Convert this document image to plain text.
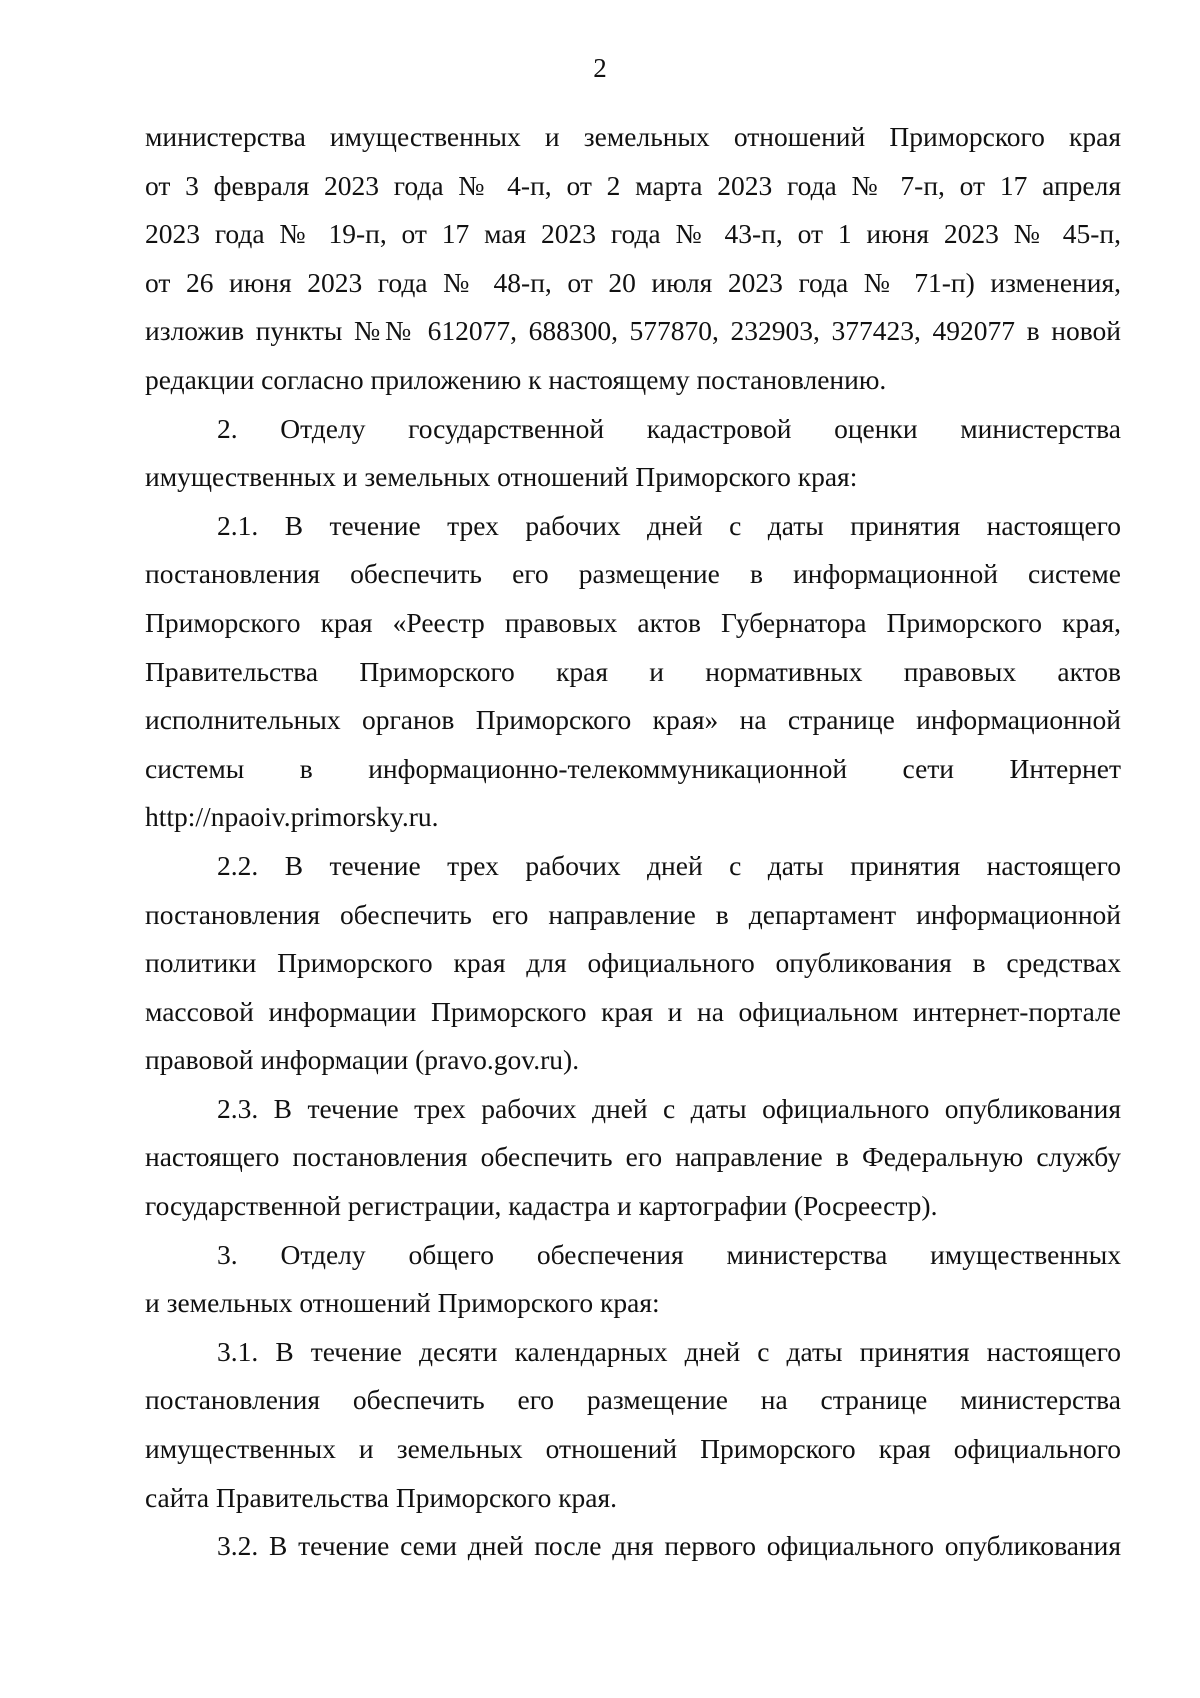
2
министерства имущественных и земельных отношений Приморского края
от 3 февраля 2023 года № 4-п, от 2 марта 2023 года № 7-п, от 17 апреля
2023 года № 19-п, от 17 мая 2023 года № 43-п, от 1 июня 2023 № 45-п,
от 26 июня 2023 года № 48-п, от 20 июля 2023 года № 71-п) изменения,
изложив пункты №№ 612077, 688300, 577870, 232903, 377423, 492077 в новой
редакции согласно приложению к настоящему постановлению.
2. Отделу государственной кадастровой оценки министерства
имущественных и земельных отношений Приморского края:
2.1. В течение трех рабочих дней с даты принятия настоящего
постановления обеспечить его размещение в информационной системе
Приморского края «Реестр правовых актов Губернатора Приморского края,
Правительства Приморского края и нормативных правовых актов
исполнительных органов Приморского края» на странице информационной
системы в информационно-телекоммуникационной сети Интернет
http://npaoiv.primorsky.ru.
2.2. В течение трех рабочих дней с даты принятия настоящего
постановления обеспечить его направление в департамент информационной
политики Приморского края для официального опубликования в средствах
массовой информации Приморского края и на официальном интернет-портале
правовой информации (pravo.gov.ru).
2.3. В течение трех рабочих дней с даты официального опубликования
настоящего постановления обеспечить его направление в Федеральную службу
государственной регистрации, кадастра и картографии (Росреестр).
3. Отделу общего обеспечения министерства имущественных
и земельных отношений Приморского края:
3.1. В течение десяти календарных дней с даты принятия настоящего
постановления обеспечить его размещение на странице министерства
имущественных и земельных отношений Приморского края официального
сайта Правительства Приморского края.
3.2. В течение семи дней после дня первого официального опубликования
